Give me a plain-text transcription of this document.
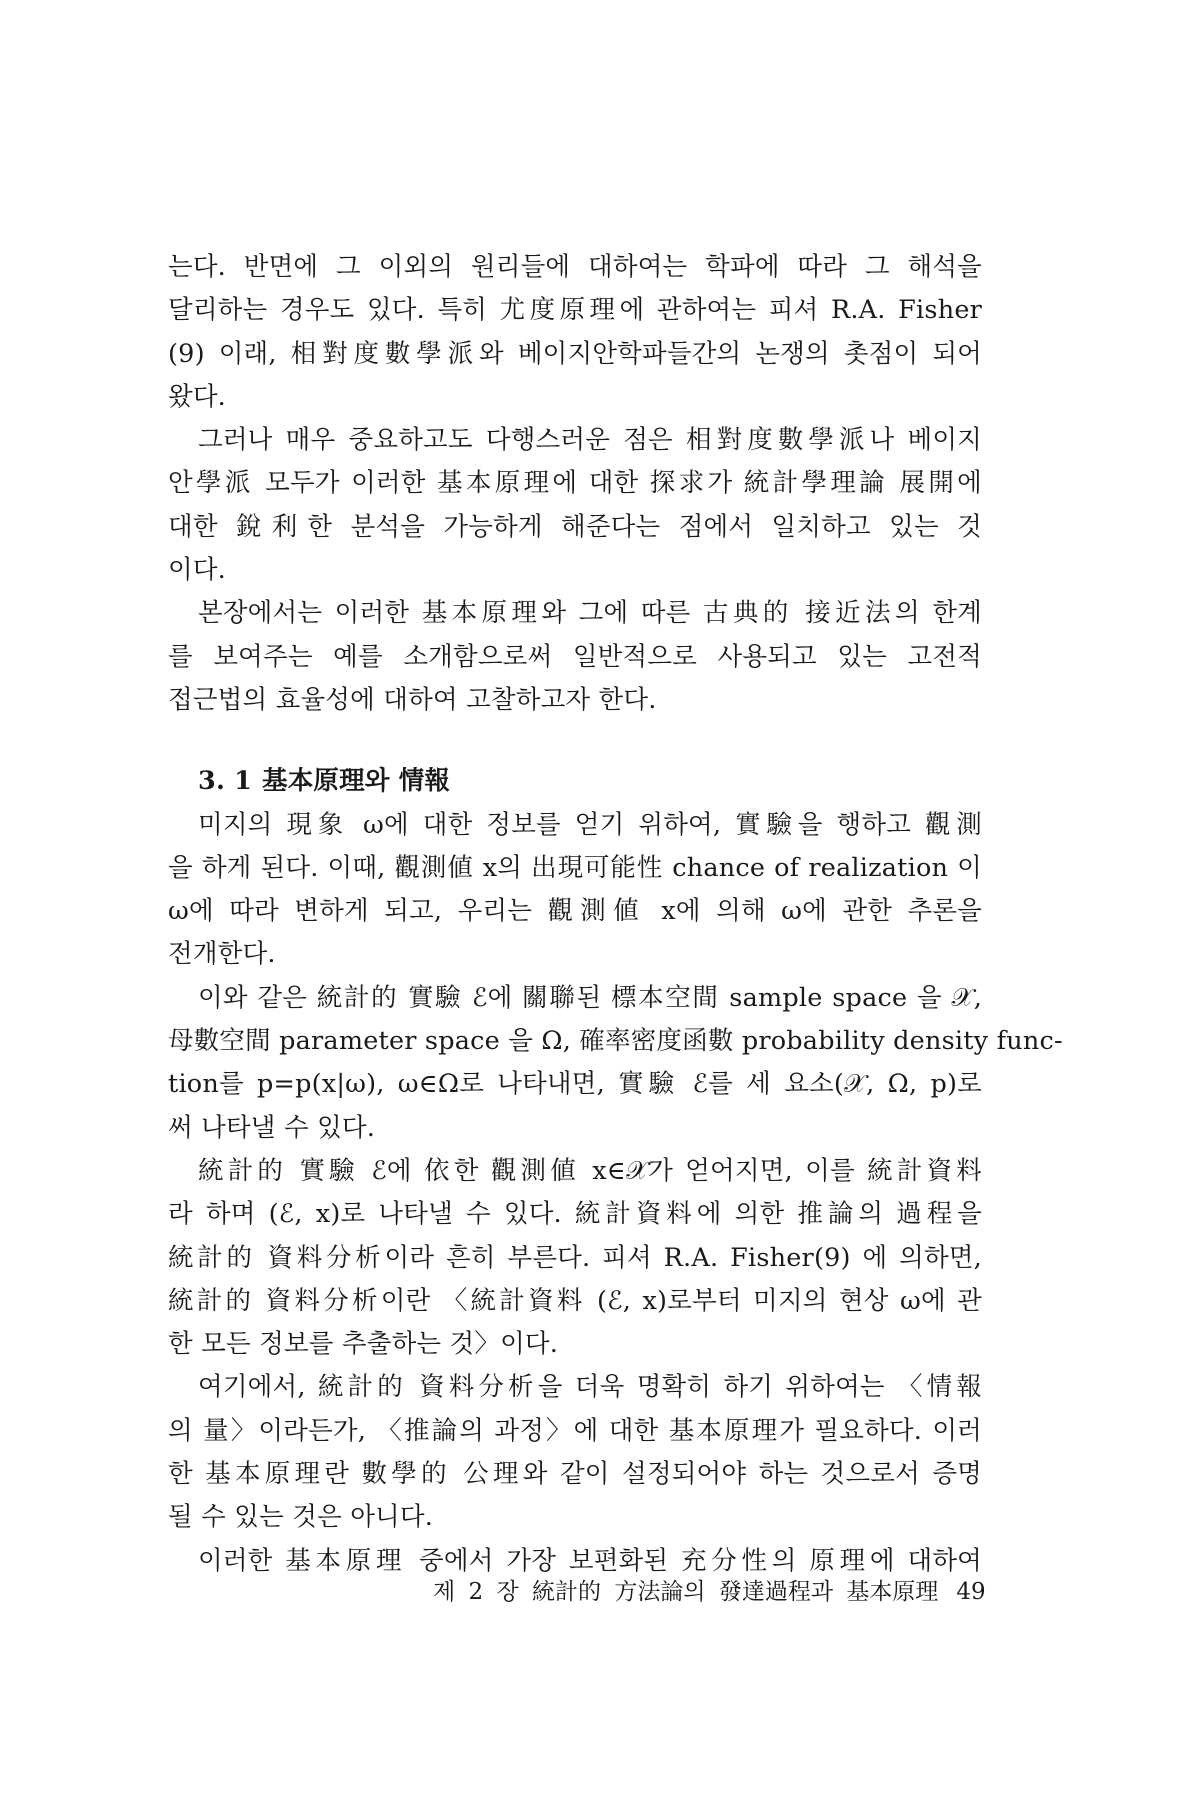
는다. 반면에 그 이외의 원리들에 대하여는 학파에 따라 그 해석을
달리하는 경우도 있다. 특히 尤度原理에 관하여는 피셔 R.A. Fisher
(9) 이래, 相對度數學派와 베이지안학파들간의 논쟁의 촛점이 되어
왔다.
그러나 매우 중요하고도 다행스러운 점은 相對度數學派나 베이지
안學派 모두가 이러한 基本原理에 대한 探求가 統計學理論 展開에
대한 銳利한 분석을 가능하게 해준다는 점에서 일치하고 있는 것
이다.
본장에서는 이러한 基本原理와 그에 따른 古典的 接近法의 한계
를 보여주는 예를 소개함으로써 일반적으로 사용되고 있는 고전적
접근법의 효율성에 대하여 고찰하고자 한다.
3. 1 基本原理와 情報
미지의 現象 ω에 대한 정보를 얻기 위하여, 實驗을 행하고 觀測
을 하게 된다. 이때, 觀測値 x의 出現可能性 chance of realization 이
ω에 따라 변하게 되고, 우리는 觀測値 x에 의해 ω에 관한 추론을
전개한다.
이와 같은 統計的 實驗 ℰ에 關聯된 標本空間 sample space 을 𝒳,
母數空間 parameter space 을 Ω, 確率密度函數 probability density func-
tion를 p=p(x|ω), ω∈Ω로 나타내면, 實驗 ℰ를 세 요소(𝒳, Ω, p)로
써 나타낼 수 있다.
統計的 實驗 ℰ에 依한 觀測値 x∈𝒳가 얻어지면, 이를 統計資料
라 하며 (ℰ, x)로 나타낼 수 있다. 統計資料에 의한 推論의 過程을
統計的 資料分析이라 흔히 부른다. 피셔 R.A. Fisher(9) 에 의하면,
統計的 資料分析이란 〈統計資料 (ℰ, x)로부터 미지의 현상 ω에 관
한 모든 정보를 추출하는 것〉이다.
여기에서, 統計的 資料分析을 더욱 명확히 하기 위하여는 〈情報
의 量〉이라든가, 〈推論의 과정〉에 대한 基本原理가 필요하다. 이러
한 基本原理란 數學的 公理와 같이 설정되어야 하는 것으로서 증명
될 수 있는 것은 아니다.
이러한 基本原理 중에서 가장 보편화된 充分性의 原理에 대하여
제 2 장 統計的 方法論의 發達過程과 基本原理 49
